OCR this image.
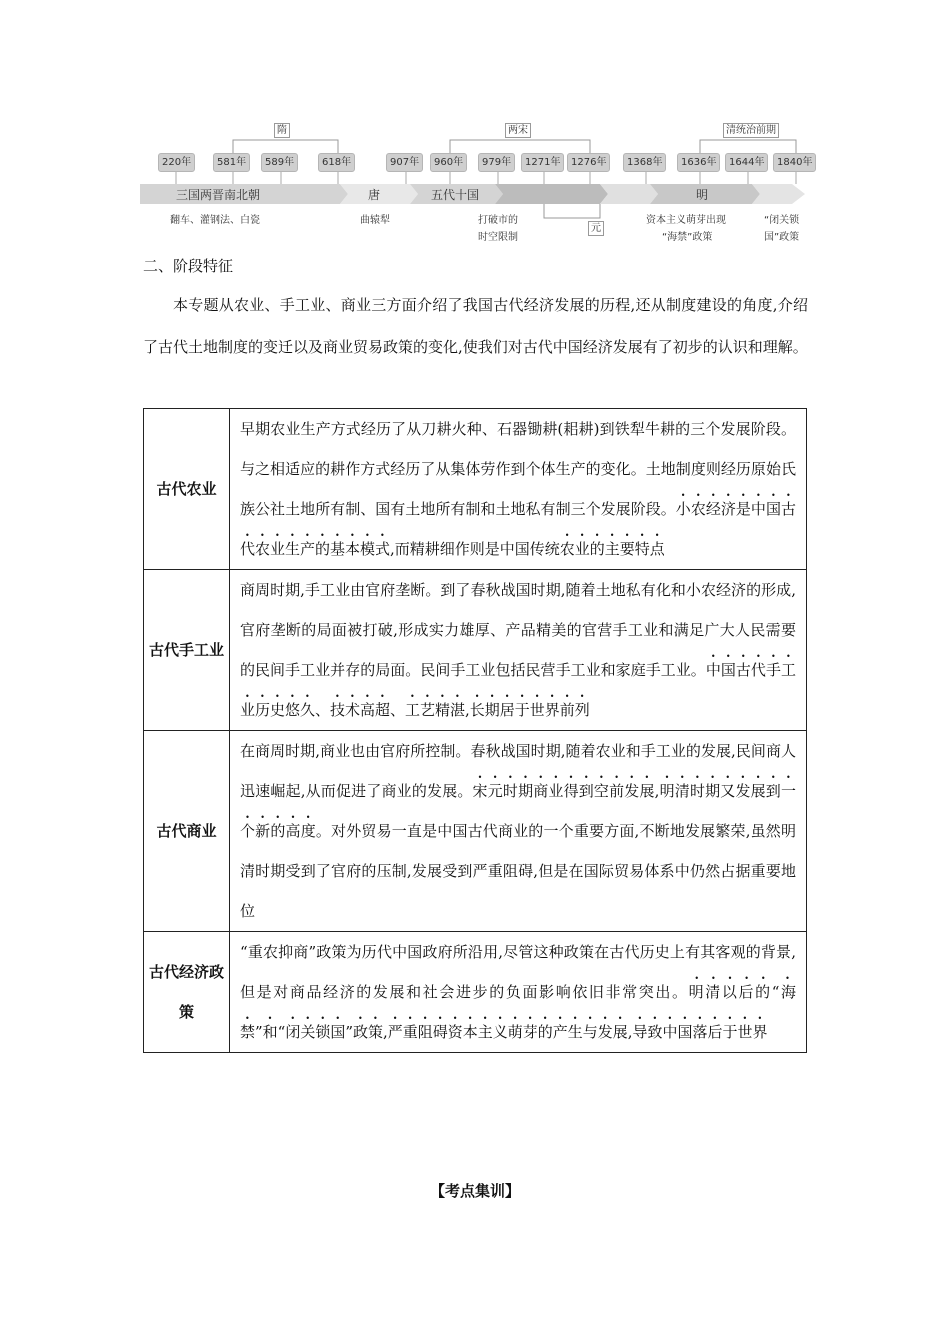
220年	581年	589年	618年	907年	960年	979年	1271年	1276年	1368年	1636年	1644年	1840年
隋	两宋	清统治前期
元
三国两晋南北朝	唐	五代十国	明
翻车、灌钢法、白瓷	曲辕犁	打破市的
时空限制
资本主义萌芽出现
“海禁”政策
“闭关锁
国”政策
二、阶段特征
本专题从农业、手工业、商业三方面介绍了我国古代经济发展的历程,还从制度建设的角度,介绍了古代土地制度的变迁以及商业贸易政策的变化,使我们对古代中国经济发展有了初步的认识和理解。
古代农业	早期农业生产方式经历了从刀耕火种、石器锄耕(耜耕)到铁犁牛耕的三个发展阶段。与之相适应的耕作方式经历了从集体劳作到个体生产的变化。土地制度则经历原始氏族公社土地所有制、国有土地所有制和土地私有制三个发展阶段。小农经济是中国古代农业生产的基本模式,而精耕细作则是中国传统农业的主要特点
古代手工业	商周时期,手工业由官府垄断。到了春秋战国时期,随着土地私有化和小农经济的形成,官府垄断的局面被打破,形成实力雄厚、产品精美的官营手工业和满足广大人民需要的民间手工业并存的局面。民间手工业包括民营手工业和家庭手工业。中国古代手工业历史悠久、技术高超、工艺精湛,长期居于世界前列
古代商业	在商周时期,商业也由官府所控制。春秋战国时期,随着农业和手工业的发展,民间商人迅速崛起,从而促进了商业的发展。宋元时期商业得到空前发展,明清时期又发展到一个新的高度。对外贸易一直是中国古代商业的一个重要方面,不断地发展繁荣,虽然明清时期受到了官府的压制,发展受到严重阻碍,但是在国际贸易体系中仍然占据重要地位
古代经济政策	“重农抑商”政策为历代中国政府所沿用,尽管这种政策在古代历史上有其客观的背景,但是对商品经济的发展和社会进步的负面影响依旧非常突出。明清以后的“海禁”和“闭关锁国”政策,严重阻碍资本主义萌芽的产生与发展,导致中国落后于世界
【考点集训】
